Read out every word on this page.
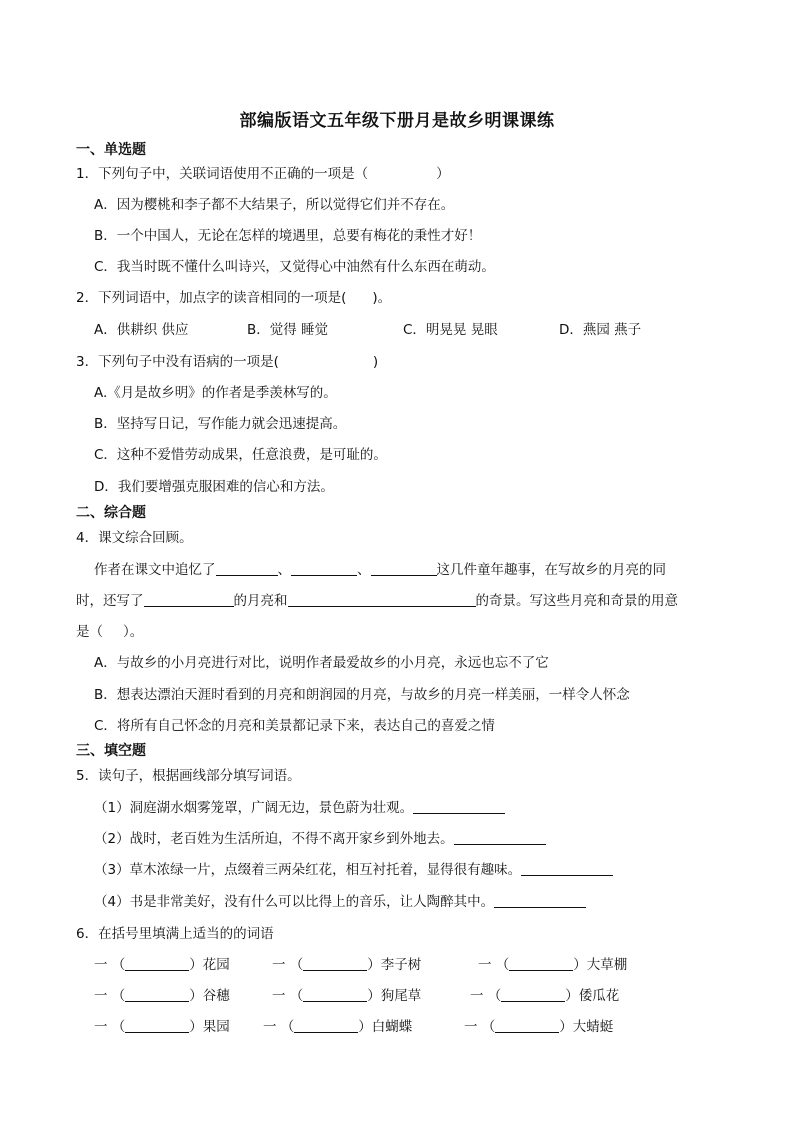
部编版语文五年级下册月是故乡明课课练
一、单选题
1．下列句子中，关联词语使用不正确的一项是（	）
A．因为樱桃和李子都不大结果子，所以觉得它们并不存在。
B．一个中国人，无论在怎样的境遇里，总要有梅花的秉性才好！
C．我当时既不懂什么叫诗兴，又觉得心中油然有什么东西在萌动。
2．下列词语中，加点字的读音相同的一项是( )。
A．供耕织 供应	B．觉得 睡觉	C．明晃晃 晃眼	D．燕园 燕子
3．下列句子中没有语病的一项是(	)
A.《月是故乡明》的作者是季羡林写的。
B．坚持写日记，写作能力就会迅速提高。
C．这种不爱惜劳动成果，任意浪费，是可耻的。
D．我们要增强克服困难的信心和方法。
二、综合题
4．课文综合回顾。
作者在课文中追忆了	、	、	这几件童年趣事，在写故乡的月亮的同
时，还写了	的月亮和	的奇景。写这些月亮和奇景的用意
是（ ）。
A．与故乡的小月亮进行对比，说明作者最爱故乡的小月亮，永远也忘不了它
B．想表达漂泊天涯时看到的月亮和朗润园的月亮，与故乡的月亮一样美丽，一样令人怀念
C．将所有自己怀念的月亮和美景都记录下来，表达自己的喜爱之情
三、填空题
5．读句子，根据画线部分填写词语。
（1）洞庭湖水烟雾笼罩，广阔无边，景色蔚为壮观。
（2）战时，老百姓为生活所迫，不得不离开家乡到外地去。
（3）草木浓绿一片，点缀着三两朵红花，相互衬托着，显得很有趣味。
（4）书是非常美好，没有什么可以比得上的音乐，让人陶醉其中。
6．在括号里填满上适当的的词语
一 （	）花园	一 （	）李子树	一 （	）大草棚
一 （	）谷穗	一 （	）狗尾草	一 （	）倭瓜花
一 （	）果园 一 （	）白蝴蝶	一 （	）大蜻蜓
